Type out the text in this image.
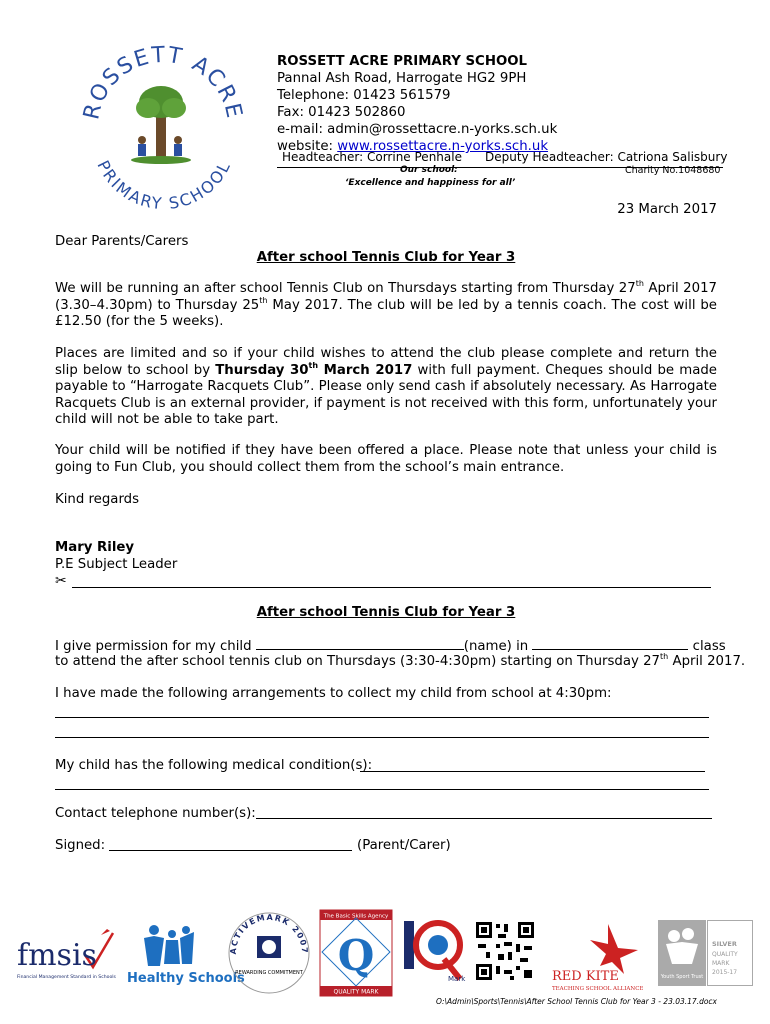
ROSSETT ACRE
PRIMARY SCHOOL
ROSSETT ACRE PRIMARY SCHOOL
Pannal Ash Road, Harrogate HG2 9PH
Telephone: 01423 561579
Fax: 01423 502860
e-mail: admin@rossettacre.n-yorks.sch.uk
website: www.rossettacre.n-yorks.sch.uk
Headteacher: Corrine Penhale Deputy Headteacher: Catriona Salisbury
Our school:	Charity No.1048680
‘Excellence and happiness for all’
23 March 2017
Dear Parents/Carers
After school Tennis Club for Year 3
We will be running an after school Tennis Club on Thursdays starting from Thursday 27th April 2017 (3.30–4.30pm) to Thursday 25th May 2017. The club will be led by a tennis coach. The cost will be £12.50 (for the 5 weeks).
Places are limited and so if your child wishes to attend the club please complete and return the slip below to school by Thursday 30th March 2017 with full payment. Cheques should be made payable to “Harrogate Racquets Club”. Please only send cash if absolutely necessary. As Harrogate Racquets Club is an external provider, if payment is not received with this form, unfortunately your child will not be able to take part.
Your child will be notified if they have been offered a place. Please note that unless your child is going to Fun Club, you should collect them from the school’s main entrance.
Kind regards
Mary Riley
P.E Subject Leader
✂
After school Tennis Club for Year 3
I give permission for my child	(name) in	class
to attend the after school tennis club on Thursdays (3:30-4:30pm) starting on Thursday 27th April 2017.
I have made the following arrangements to collect my child from school at 4:30pm:
My child has the following medical condition(s):
Contact telephone number(s):
Signed:	(Parent/Carer)
fmsis
Financial Management Standard in Schools Healthy Schools
ACTIVEMARK 2007
REWARDING COMMITMENT
The Basic Skills Agency
Q
QUALITY MARK
Mark	RED KITE
TEACHING SCHOOL ALLIANCE
Youth Sport Trust
SILVER
QUALITY
MARK
2015-17
O:\Admin\Sports\Tennis\After School Tennis Club for Year 3 - 23.03.17.docx
